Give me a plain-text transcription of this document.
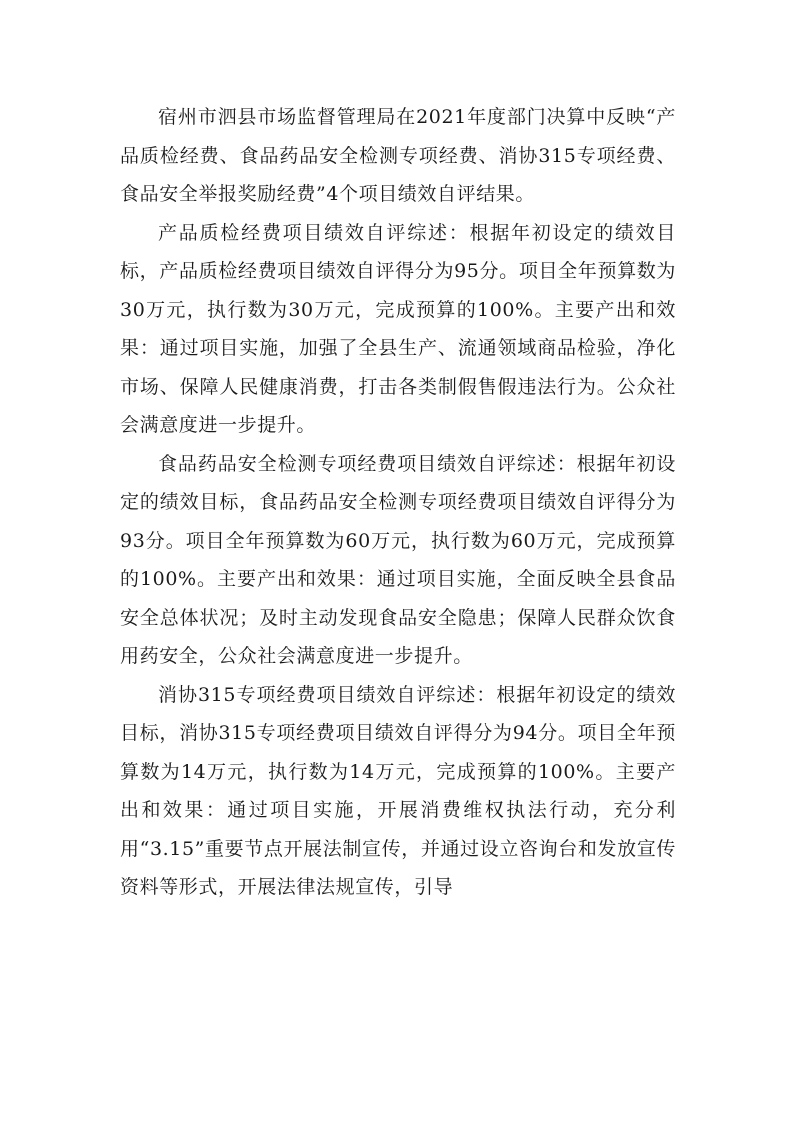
宿州市泗县市场监督管理局在2021年度部门决算中反映“产品质检经费、食品药品安全检测专项经费、消协315专项经费、食品安全举报奖励经费”4个项目绩效自评结果。

产品质检经费项目绩效自评综述：根据年初设定的绩效目标，产品质检经费项目绩效自评得分为95分。项目全年预算数为30万元，执行数为30万元，完成预算的100%。主要产出和效果：通过项目实施，加强了全县生产、流通领域商品检验，净化市场、保障人民健康消费，打击各类制假售假违法行为。公众社会满意度进一步提升。

食品药品安全检测专项经费项目绩效自评综述：根据年初设定的绩效目标，食品药品安全检测专项经费项目绩效自评得分为93分。项目全年预算数为60万元，执行数为60万元，完成预算的100%。主要产出和效果：通过项目实施，全面反映全县食品安全总体状况；及时主动发现食品安全隐患；保障人民群众饮食用药安全，公众社会满意度进一步提升。

消协315专项经费项目绩效自评综述：根据年初设定的绩效目标，消协315专项经费项目绩效自评得分为94分。项目全年预算数为14万元，执行数为14万元，完成预算的100%。主要产出和效果：通过项目实施，开展消费维权执法行动，充分利用“3.15”重要节点开展法制宣传，并通过设立咨询台和发放宣传资料等形式，开展法律法规宣传，引导
